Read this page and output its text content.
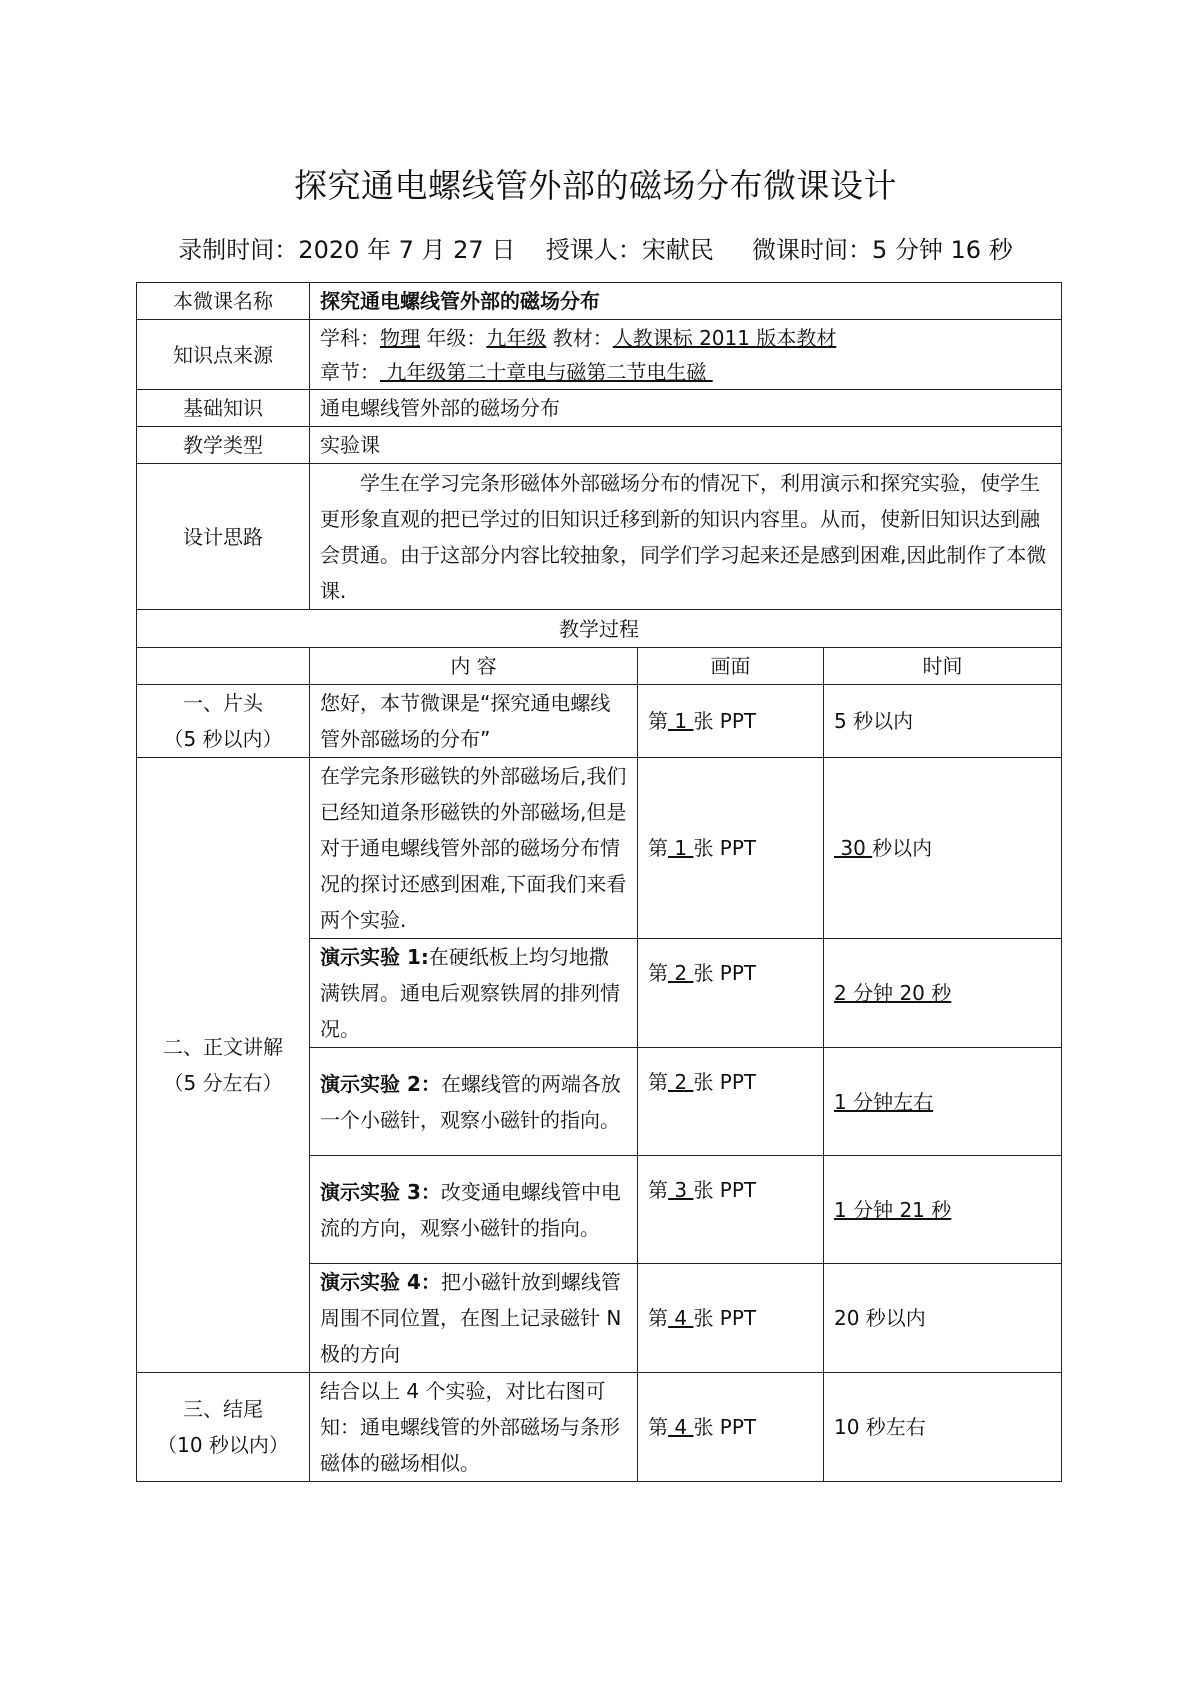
探究通电螺线管外部的磁场分布微课设计
录制时间：2020 年 7 月 27 日 授课人：宋献民 微课时间：5 分钟 16 秒
本微课名称	探究通电螺线管外部的磁场分布		
知识点来源	学科：物理 年级：九年级 教材：人教课标 2011 版本教材
章节： 九年级第二十章电与磁第二节电生磁		

基础知识	通电螺线管外部的磁场分布		
教学类型	实验课		
设计思路	学生在学习完条形磁体外部磁场分布的情况下，利用演示和探究实验，使学生更形象直观的把已学过的旧知识迁移到新的知识内容里。从而，使新旧知识达到融会贯通。由于这部分内容比较抽象，同学们学习起来还是感到困难,因此制作了本微课.		
教学过程			
	内 容	画面	时间

一、片头
（5 秒以内）	您好，本节微课是“探究通电螺线管外部磁场的分布”	第 1 张 PPT	5 秒以内

二、正文讲解
（5 分左右）	在学完条形磁铁的外部磁场后,我们已经知道条形磁铁的外部磁场,但是对于通电螺线管外部的磁场分布情况的探讨还感到困难,下面我们来看两个实验.	第 1 张 PPT	30 秒以内
	演示实验 1:在硬纸板上均匀地撒满铁屑。通电后观察铁屑的排列情况。	第 2 张 PPT	2 分钟 20 秒
	演示实验 2：在螺线管的两端各放一个小磁针，观察小磁针的指向。	第 2 张 PPT	1 分钟左右
	演示实验 3：改变通电螺线管中电流的方向，观察小磁针的指向。	第 3 张 PPT	1 分钟 21 秒
	演示实验 4：把小磁针放到螺线管周围不同位置，在图上记录磁针 N 极的方向	第 4 张 PPT	20 秒以内

三、结尾
（10 秒以内）	结合以上 4 个实验，对比右图可知：通电螺线管的外部磁场与条形磁体的磁场相似。	第 4 张 PPT	10 秒左右
